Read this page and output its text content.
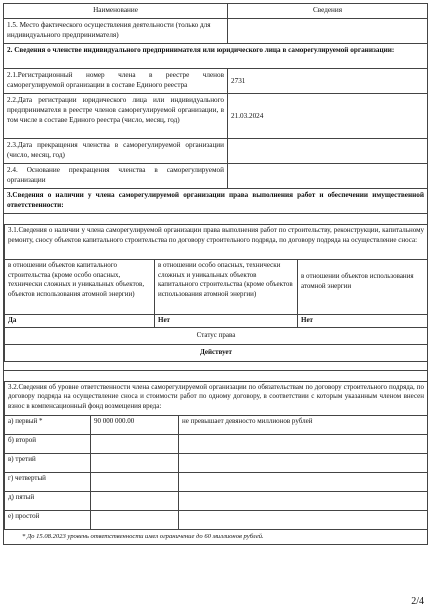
Наименование	Сведения
1.5. Место фактического осуществления деятельности (только для индивидуального предпринимателя)	
2. Сведения о членстве индивидуального предпринимателя или юридического лица в саморегулируемой организации:
2.1.Регистрационный номер члена в реестре членов саморегулируемой организации в составе Единого реестра	2731
2.2.Дата регистрации юридического лица или индивидуального предпринимателя в реестре членов саморегулируемой организации, в том числе в составе Единого реестра (число, месяц, год)	21.03.2024
2.3.Дата прекращения членства в саморегулируемой организации (число, месяц, год)	
2.4. Основание прекращения членства в саморегулируемой организации	
3.Сведения о наличии у члена саморегулируемой организации права выполнения работ и обеспечении имущественной ответственности:

3.1.Сведения о наличии у члена саморегулируемой организации права выполнения работ по строительству, реконструкции, капитальному ремонту, сносу объектов капитального строительства по договору строительного подряда, по договору подряда на осуществление сноса:
в отношении объектов капитального строительства (кроме особо опасных, технически сложных и уникальных объектов, объектов использования атомной энергии)	в отношении особо опасных, технически сложных и уникальных объектов капитального строительства (кроме объектов использования атомной энергии)	в отношении объектов использования атомной энергии
Да	Нет	Нет
Статус права
Действует

3.2.Сведения об уровне ответственности члена саморегулируемой организации по обязательствам по договору строительного подряда, по договору подряда на осуществление сноса и стоимости работ по одному договору, в соответствии с которым указанным членом внесен взнос в компенсационный фонд возмещения вреда:
а) первый *	90 000 000.00	не превышает девяносто миллионов рублей
б) второй		
в) третий		
г) четвертый		
д) пятый		
е) простой		
* До 15.08.2023 уровень ответственности имел ограничение до 60 миллионов рублей.
2/4
